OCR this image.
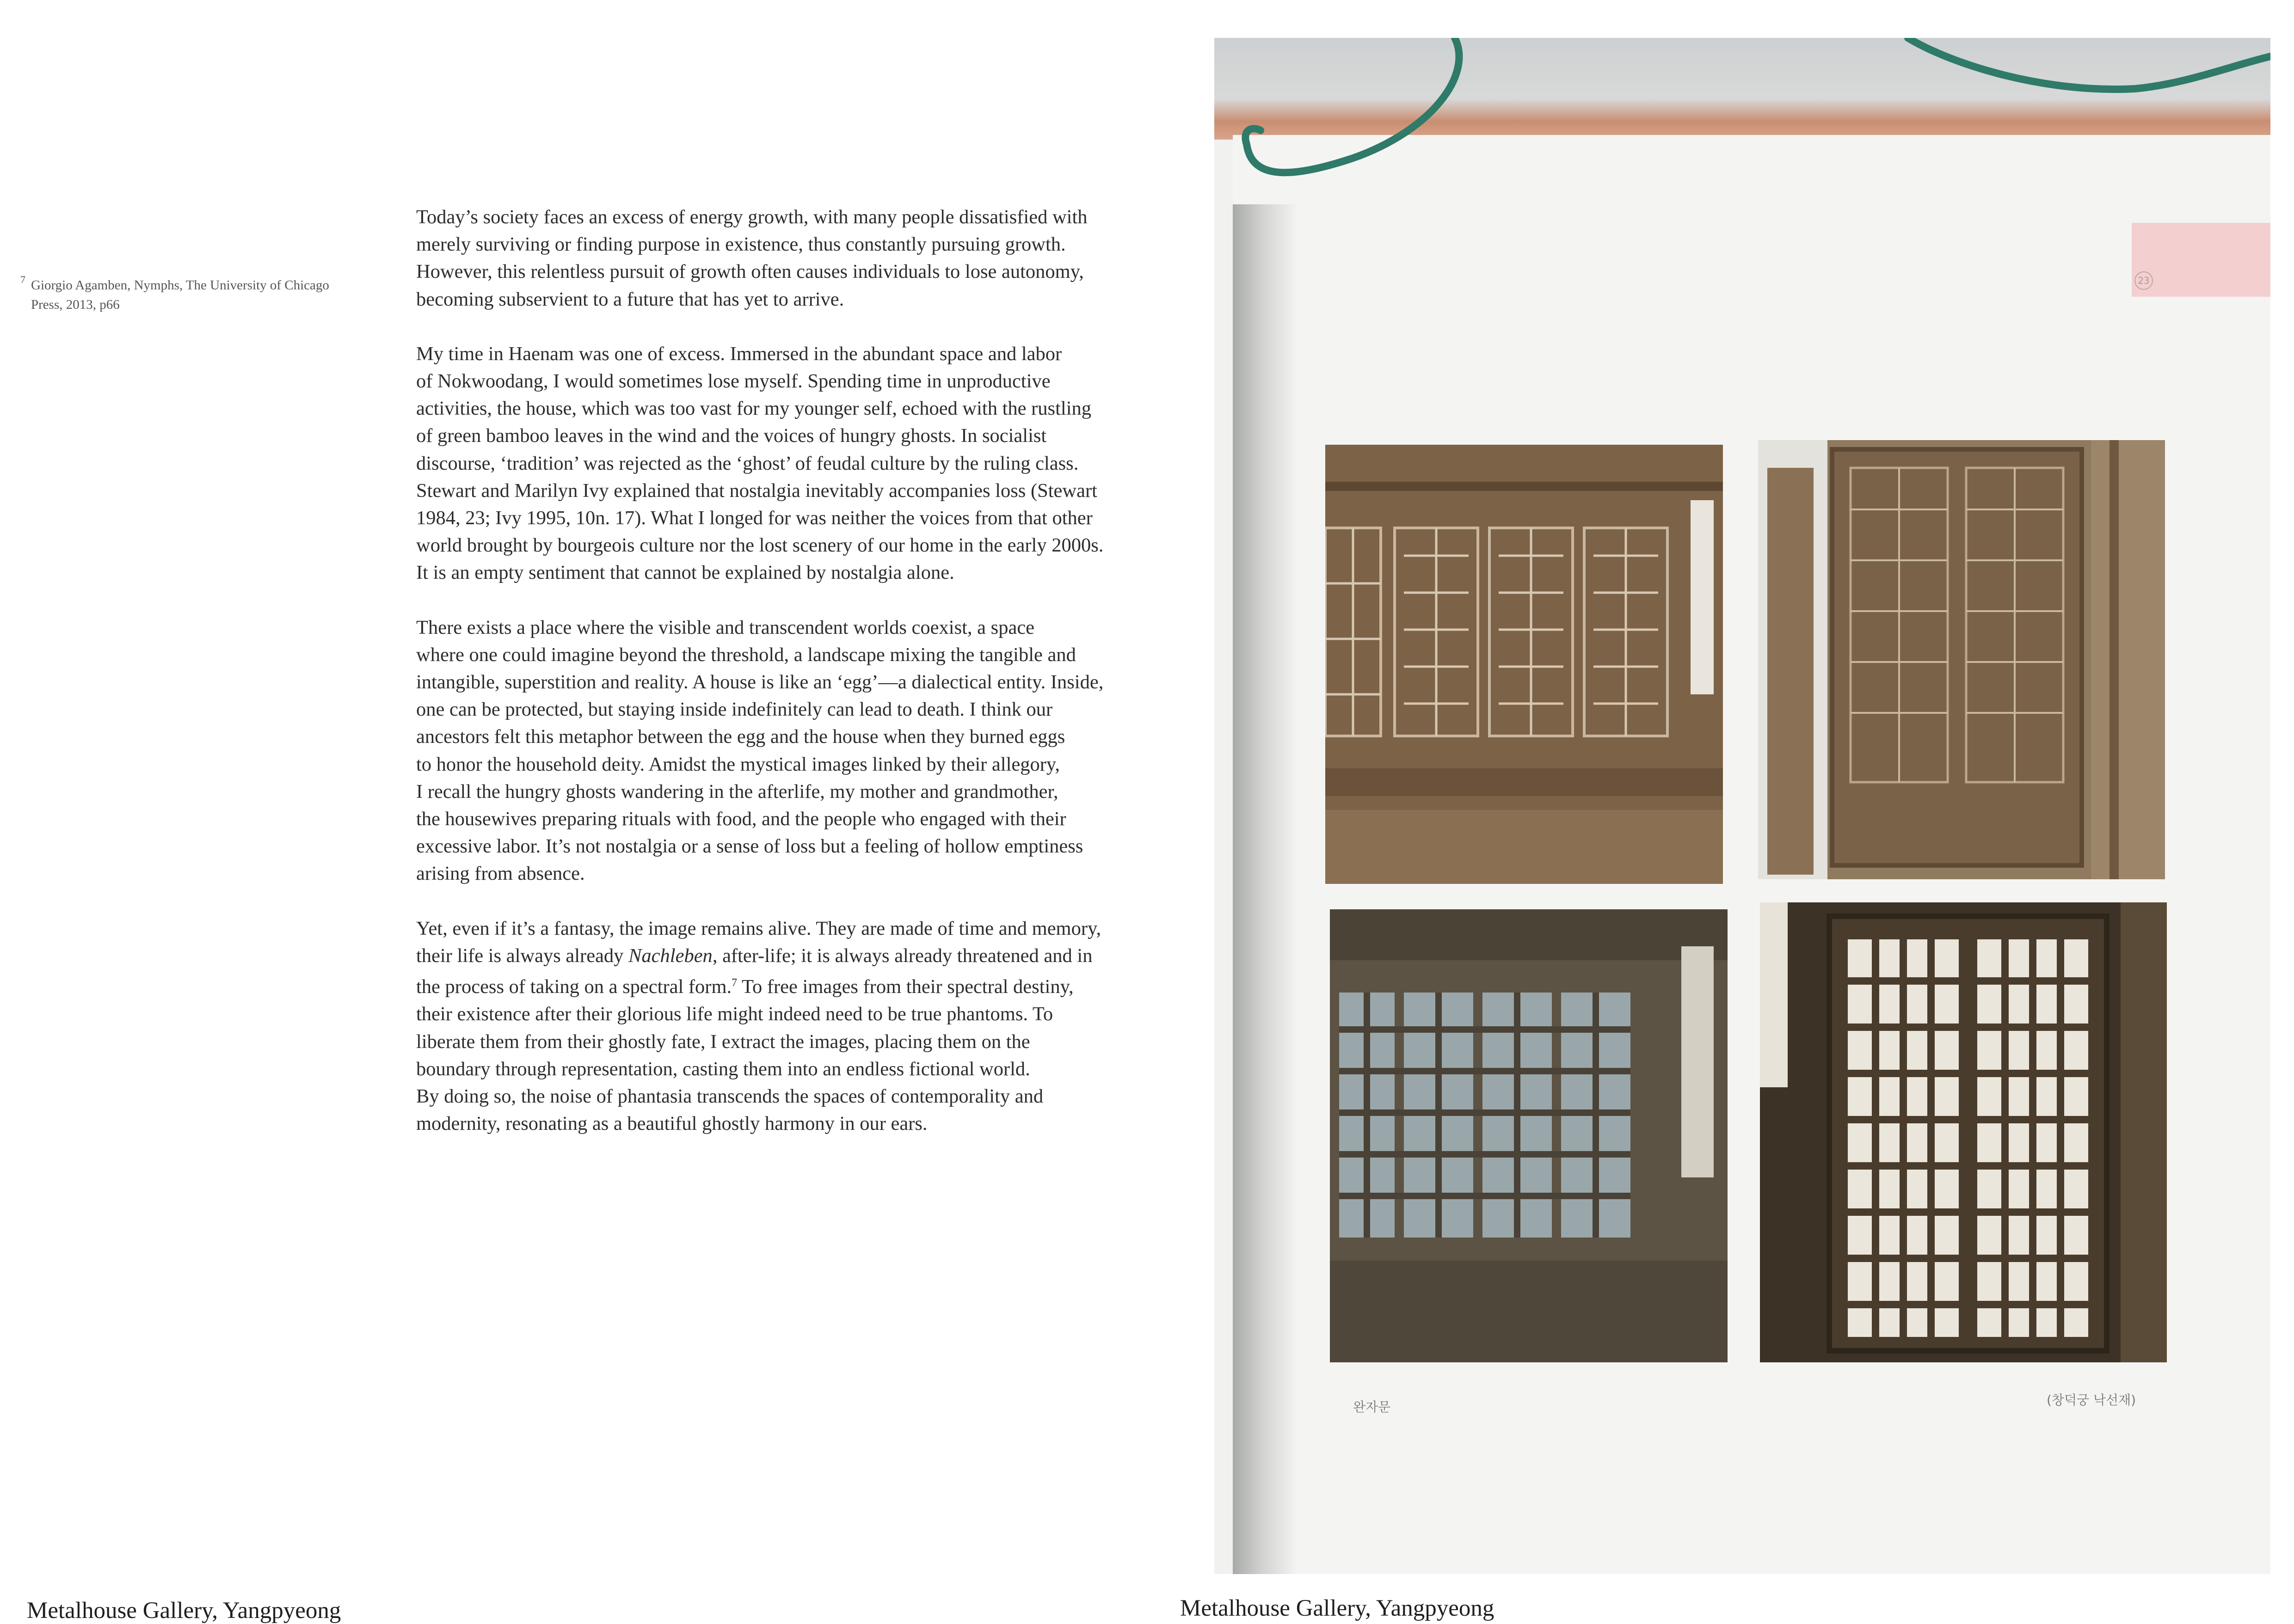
7 Giorgio Agamben, Nymphs, The University of Chicago Press, 2013, p66

Today’s society faces an excess of energy growth, with many people dissatisfied with
merely surviving or finding purpose in existence, thus constantly pursuing growth.
However, this relentless pursuit of growth often causes individuals to lose autonomy,
becoming subservient to a future that has yet to arrive.

My time in Haenam was one of excess. Immersed in the abundant space and labor
of Nokwoodang, I would sometimes lose myself. Spending time in unproductive
activities, the house, which was too vast for my younger self, echoed with the rustling
of green bamboo leaves in the wind and the voices of hungry ghosts. In socialist
discourse, ‘tradition’ was rejected as the ‘ghost’ of feudal culture by the ruling class.
Stewart and Marilyn Ivy explained that nostalgia inevitably accompanies loss (Stewart
1984, 23; Ivy 1995, 10n. 17). What I longed for was neither the voices from that other
world brought by bourgeois culture nor the lost scenery of our home in the early 2000s.
It is an empty sentiment that cannot be explained by nostalgia alone.

There exists a place where the visible and transcendent worlds coexist, a space
where one could imagine beyond the threshold, a landscape mixing the tangible and
intangible, superstition and reality. A house is like an ‘egg’—a dialectical entity. Inside,
one can be protected, but staying inside indefinitely can lead to death. I think our
ancestors felt this metaphor between the egg and the house when they burned eggs
to honor the household deity. Amidst the mystical images linked by their allegory,
I recall the hungry ghosts wandering in the afterlife, my mother and grandmother,
the housewives preparing rituals with food, and the people who engaged with their
excessive labor. It’s not nostalgia or a sense of loss but a feeling of hollow emptiness
arising from absence.

Yet, even if it’s a fantasy, the image remains alive. They are made of time and memory,
their life is always already Nachleben, after-life; it is always already threatened and in
the process of taking on a spectral form.$^7$ To free images from their spectral destiny,
their existence after their glorious life might indeed need to be true phantoms. To
liberate them from their ghostly fate, I extract the images, placing them on the
boundary through representation, casting them into an endless fictional world.
By doing so, the noise of phantasia transcends the spaces of contemporality and
modernity, resonating as a beautiful ghostly harmony in our ears.

23
완자문	(창덕궁 낙선재)
Metalhouse Gallery, Yangpyeong	Metalhouse Gallery, Yangpyeong
